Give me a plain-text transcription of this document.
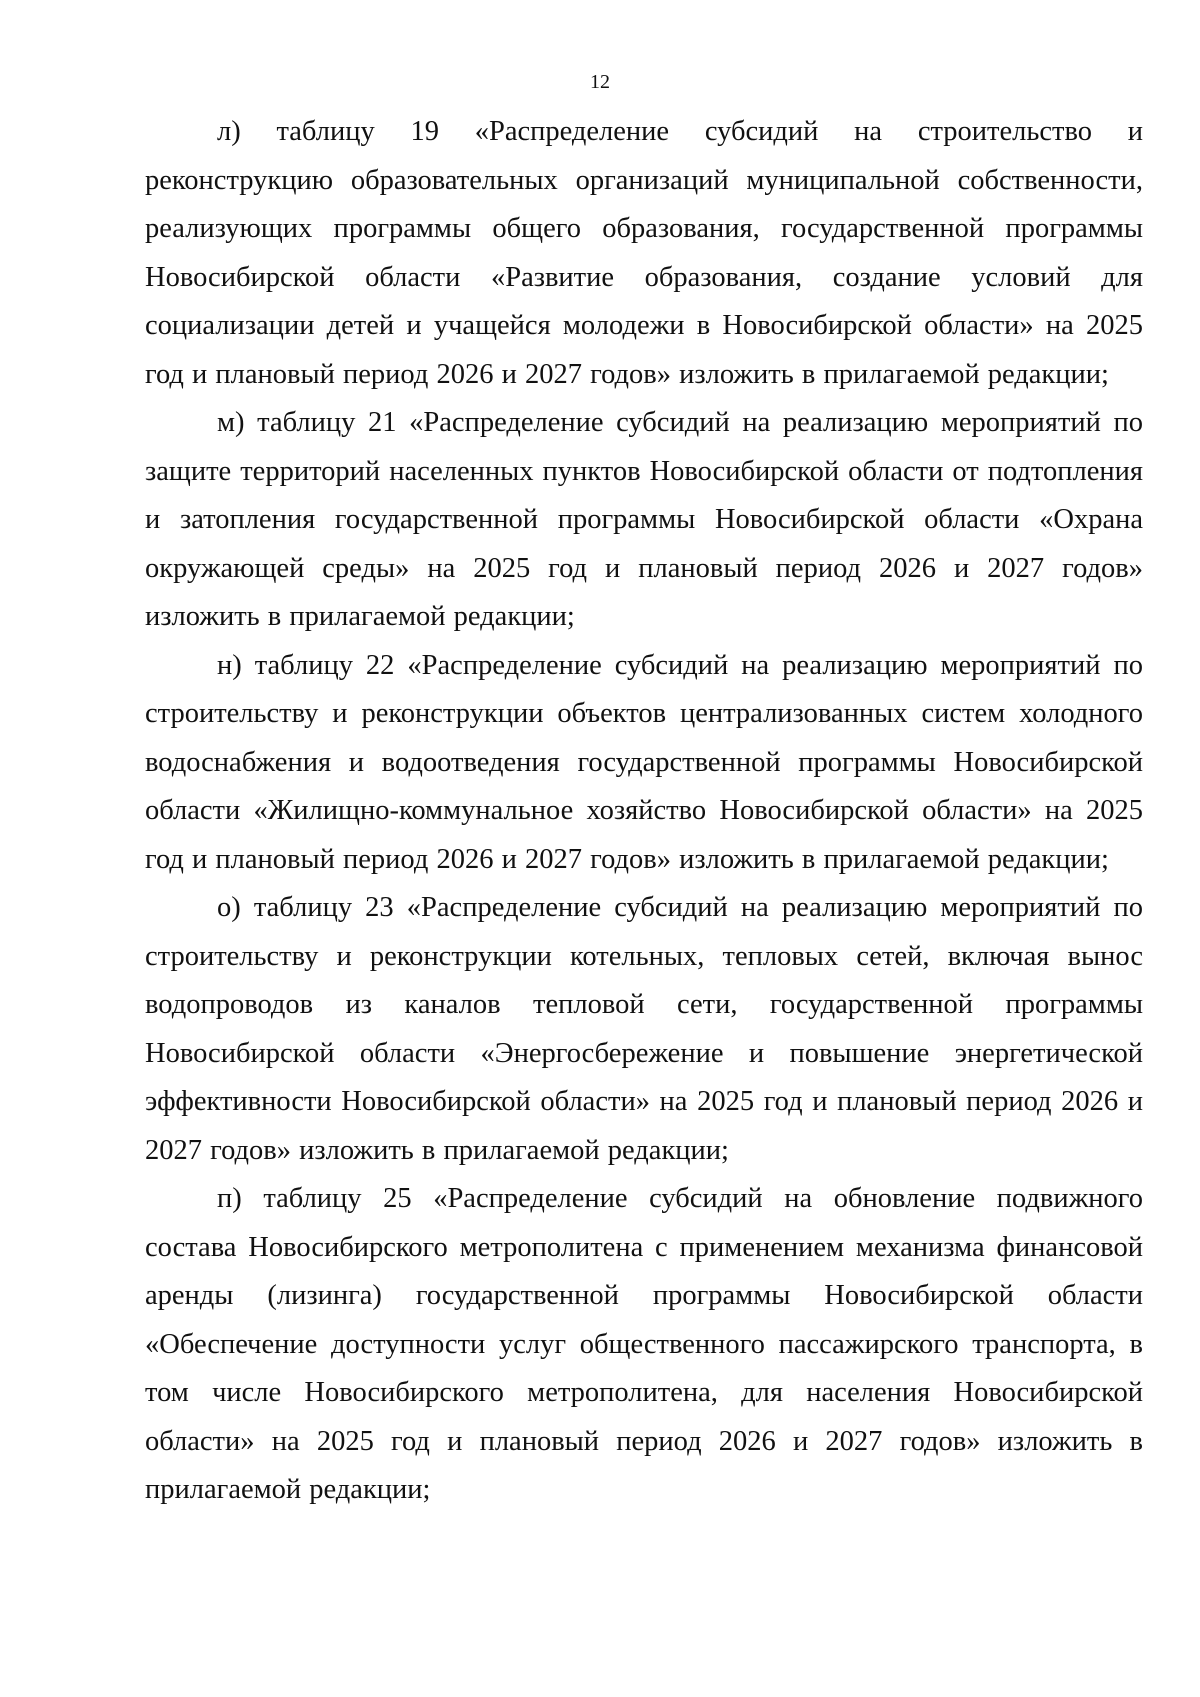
12

л) таблицу 19 «Распределение субсидий на строительство и реконструкцию образовательных организаций муниципальной собственности, реализующих программы общего образования, государственной программы Новосибирской области «Развитие образования, создание условий для социализации детей и учащейся молодежи в Новосибирской области» на 2025 год и плановый период 2026 и 2027 годов» изложить в прилагаемой редакции;

м) таблицу 21 «Распределение субсидий на реализацию мероприятий по защите территорий населенных пунктов Новосибирской области от подтопления и затопления государственной программы Новосибирской области «Охрана окружающей среды» на 2025 год и плановый период 2026 и 2027 годов» изложить в прилагаемой редакции;

н) таблицу 22 «Распределение субсидий на реализацию мероприятий по строительству и реконструкции объектов централизованных систем холодного водоснабжения и водоотведения государственной программы Новосибирской области «Жилищно-коммунальное хозяйство Новосибирской области» на 2025 год и плановый период 2026 и 2027 годов» изложить в прилагаемой редакции;

о) таблицу 23 «Распределение субсидий на реализацию мероприятий по строительству и реконструкции котельных, тепловых сетей, включая вынос водопроводов из каналов тепловой сети, государственной программы Новосибирской области «Энергосбережение и повышение энергетической эффективности Новосибирской области» на 2025 год и плановый период 2026 и 2027 годов» изложить в прилагаемой редакции;

п) таблицу 25 «Распределение субсидий на обновление подвижного состава Новосибирского метрополитена с применением механизма финансовой аренды (лизинга) государственной программы Новосибирской области «Обеспечение доступности услуг общественного пассажирского транспорта, в том числе Новосибирского метрополитена, для населения Новосибирской области» на 2025 год и плановый период 2026 и 2027 годов» изложить в прилагаемой редакции;
